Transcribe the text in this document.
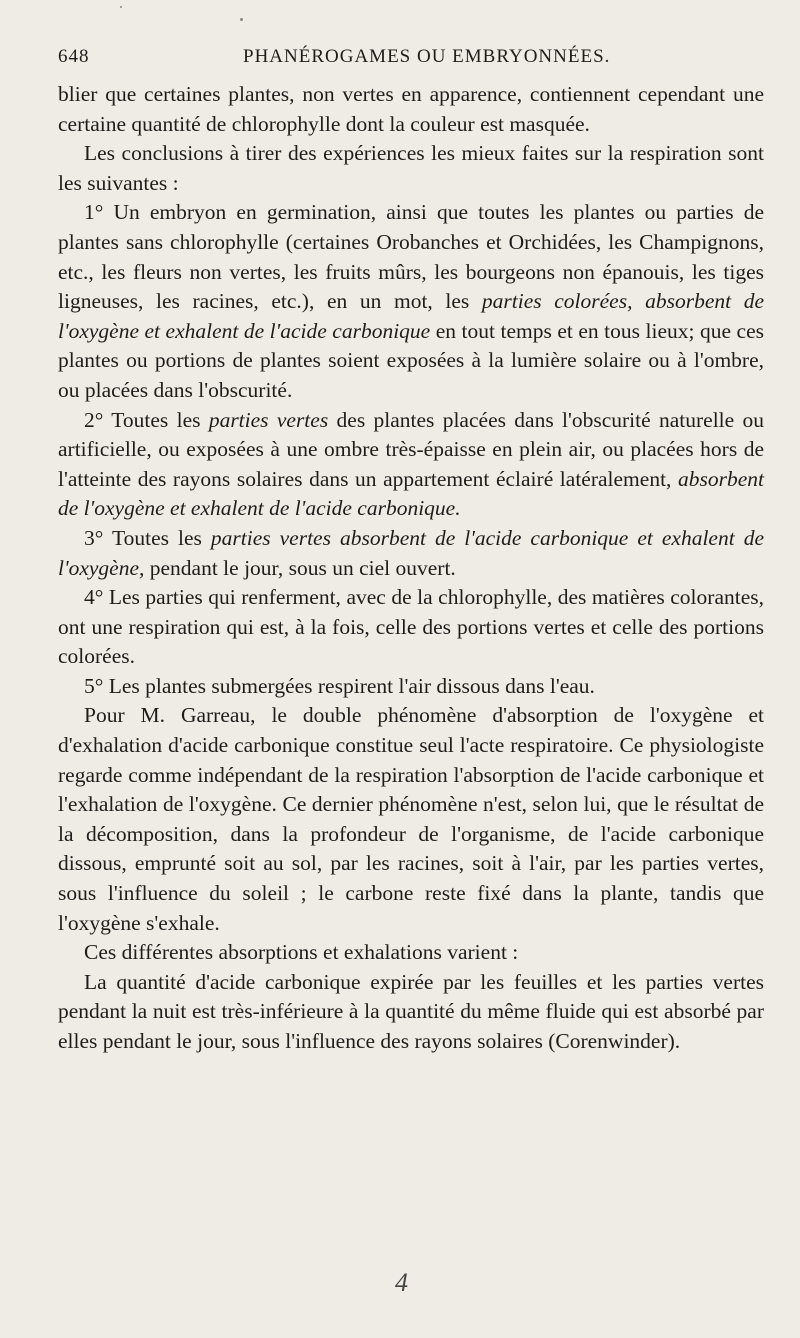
648	PHANÉROGAMES OU EMBRYONNÉES.

blier que certaines plantes, non vertes en apparence, contiennent cependant une certaine quantité de chlorophylle dont la couleur est masquée.

Les conclusions à tirer des expériences les mieux faites sur la respiration sont les suivantes :

1° Un embryon en germination, ainsi que toutes les plantes ou parties de plantes sans chlorophylle (certaines Orobanches et Orchidées, les Champignons, etc., les fleurs non vertes, les fruits mûrs, les bourgeons non épanouis, les tiges ligneuses, les racines, etc.), en un mot, les parties colorées, absorbent de l'oxygène et exhalent de l'acide carbonique en tout temps et en tous lieux; que ces plantes ou portions de plantes soient exposées à la lumière solaire ou à l'ombre, ou placées dans l'obscurité.

2° Toutes les parties vertes des plantes placées dans l'obscurité naturelle ou artificielle, ou exposées à une ombre très-épaisse en plein air, ou placées hors de l'atteinte des rayons solaires dans un appartement éclairé latéralement, absorbent de l'oxygène et exhalent de l'acide carbonique.

3° Toutes les parties vertes absorbent de l'acide carbonique et exhalent de l'oxygène, pendant le jour, sous un ciel ouvert.

4° Les parties qui renferment, avec de la chlorophylle, des matières colorantes, ont une respiration qui est, à la fois, celle des portions vertes et celle des portions colorées.

5° Les plantes submergées respirent l'air dissous dans l'eau.

Pour M. Garreau, le double phénomène d'absorption de l'oxygène et d'exhalation d'acide carbonique constitue seul l'acte respiratoire. Ce physiologiste regarde comme indépendant de la respiration l'absorption de l'acide carbonique et l'exhalation de l'oxygène. Ce dernier phénomène n'est, selon lui, que le résultat de la décomposition, dans la profondeur de l'organisme, de l'acide carbonique dissous, emprunté soit au sol, par les racines, soit à l'air, par les parties vertes, sous l'influence du soleil ; le carbone reste fixé dans la plante, tandis que l'oxygène s'exhale.

Ces différentes absorptions et exhalations varient :

La quantité d'acide carbonique expirée par les feuilles et les parties vertes pendant la nuit est très-inférieure à la quantité du même fluide qui est absorbé par elles pendant le jour, sous l'influence des rayons solaires (Corenwinder).

4
